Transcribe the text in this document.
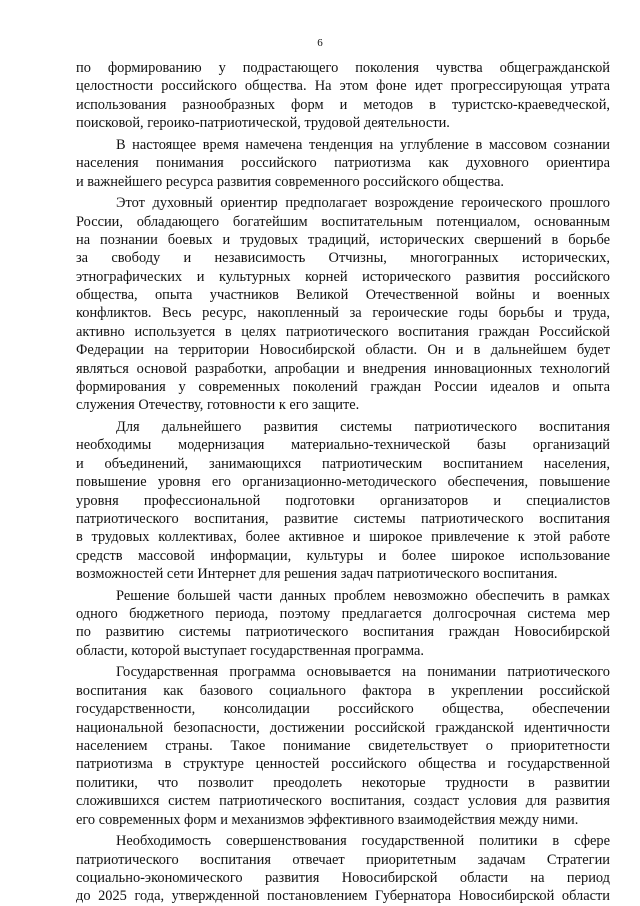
6
по формированию у подрастающего поколения чувства общегражданской
целостности российского общества. На этом фоне идет прогрессирующая утрата
использования разнообразных форм и методов в туристско-краеведческой,
поисковой, героико-патриотической, трудовой деятельности.
В настоящее время намечена тенденция на углубление в массовом сознании
населения понимания российского патриотизма как духовного ориентира
и важнейшего ресурса развития современного российского общества.
Этот духовный ориентир предполагает возрождение героического прошлого
России, обладающего богатейшим воспитательным потенциалом, основанным
на познании боевых и трудовых традиций, исторических свершений в борьбе
за свободу и независимость Отчизны, многогранных исторических,
этнографических и культурных корней исторического развития российского
общества, опыта участников Великой Отечественной войны и военных
конфликтов. Весь ресурс, накопленный за героические годы борьбы и труда,
активно используется в целях патриотического воспитания граждан Российской
Федерации на территории Новосибирской области. Он и в дальнейшем будет
являться основой разработки, апробации и внедрения инновационных технологий
формирования у современных поколений граждан России идеалов и опыта
служения Отечеству, готовности к его защите.
Для дальнейшего развития системы патриотического воспитания
необходимы модернизация материально-технической базы организаций
и объединений, занимающихся патриотическим воспитанием населения,
повышение уровня его организационно-методического обеспечения, повышение
уровня профессиональной подготовки организаторов и специалистов
патриотического воспитания, развитие системы патриотического воспитания
в трудовых коллективах, более активное и широкое привлечение к этой работе
средств массовой информации, культуры и более широкое использование
возможностей сети Интернет для решения задач патриотического воспитания.
Решение большей части данных проблем невозможно обеспечить в рамках
одного бюджетного периода, поэтому предлагается долгосрочная система мер
по развитию системы патриотического воспитания граждан Новосибирской
области, которой выступает государственная программа.
Государственная программа основывается на понимании патриотического
воспитания как базового социального фактора в укреплении российской
государственности, консолидации российского общества, обеспечении
национальной безопасности, достижении российской гражданской идентичности
населением страны. Такое понимание свидетельствует о приоритетности
патриотизма в структуре ценностей российского общества и государственной
политики, что позволит преодолеть некоторые трудности в развитии
сложившихся систем патриотического воспитания, создаст условия для развития
его современных форм и механизмов эффективного взаимодействия между ними.
Необходимость совершенствования государственной политики в сфере
патриотического воспитания отвечает приоритетным задачам Стратегии
социально-экономического развития Новосибирской области на период
до 2025 года, утвержденной постановлением Губернатора Новосибирской области
